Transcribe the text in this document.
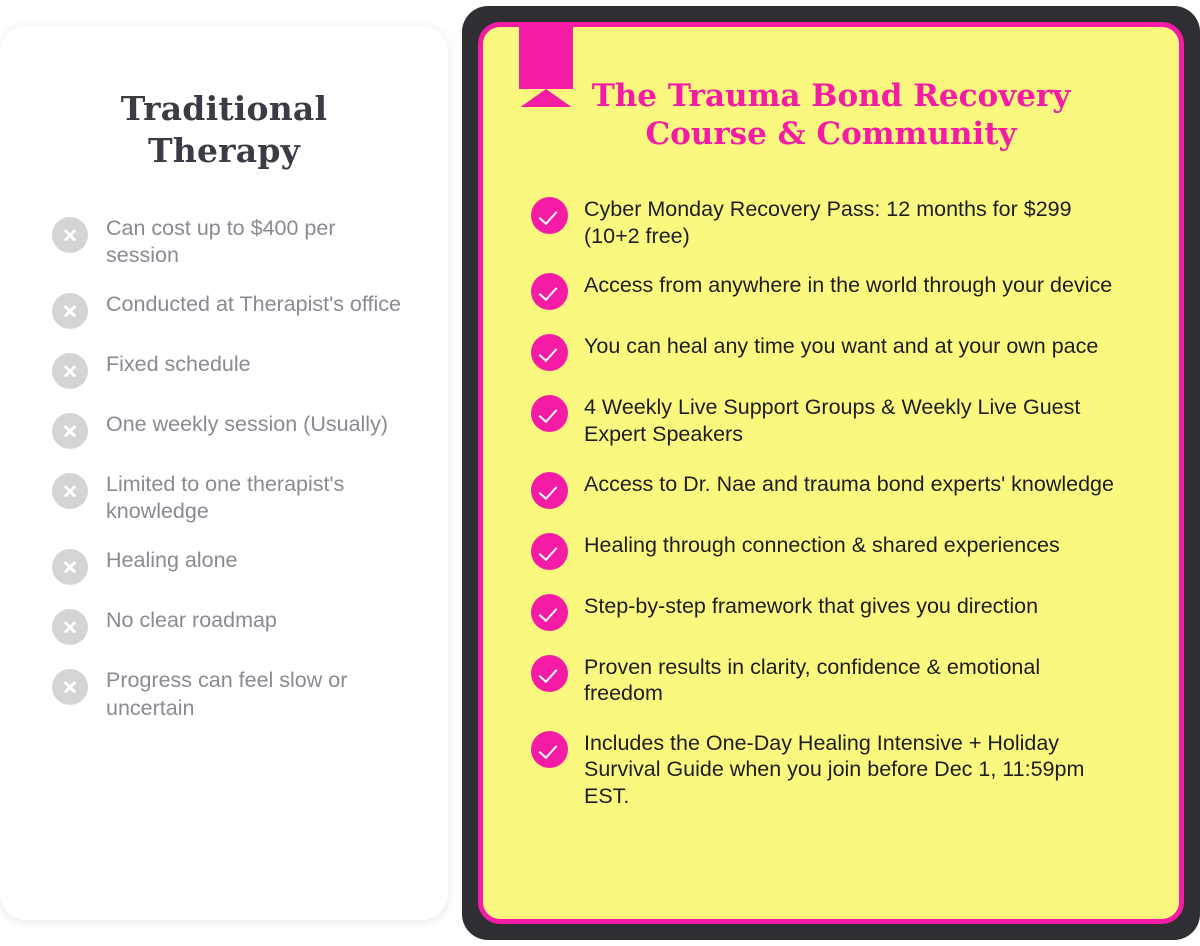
Traditional Therapy
Can cost up to $400 per session
Conducted at Therapist's office
Fixed schedule
One weekly session (Usually)
Limited to one therapist's knowledge
Healing alone
No clear roadmap
Progress can feel slow or uncertain
The Trauma Bond Recovery Course & Community
Cyber Monday Recovery Pass: 12 months for $299 (10+2 free)
Access from anywhere in the world through your device
You can heal any time you want and at your own pace
4 Weekly Live Support Groups & Weekly Live Guest Expert Speakers
Access to Dr. Nae and trauma bond experts' knowledge
Healing through connection & shared experiences
Step-by-step framework that gives you direction
Proven results in clarity, confidence & emotional freedom
Includes the One-Day Healing Intensive + Holiday Survival Guide when you join before Dec 1, 11:59pm EST.
